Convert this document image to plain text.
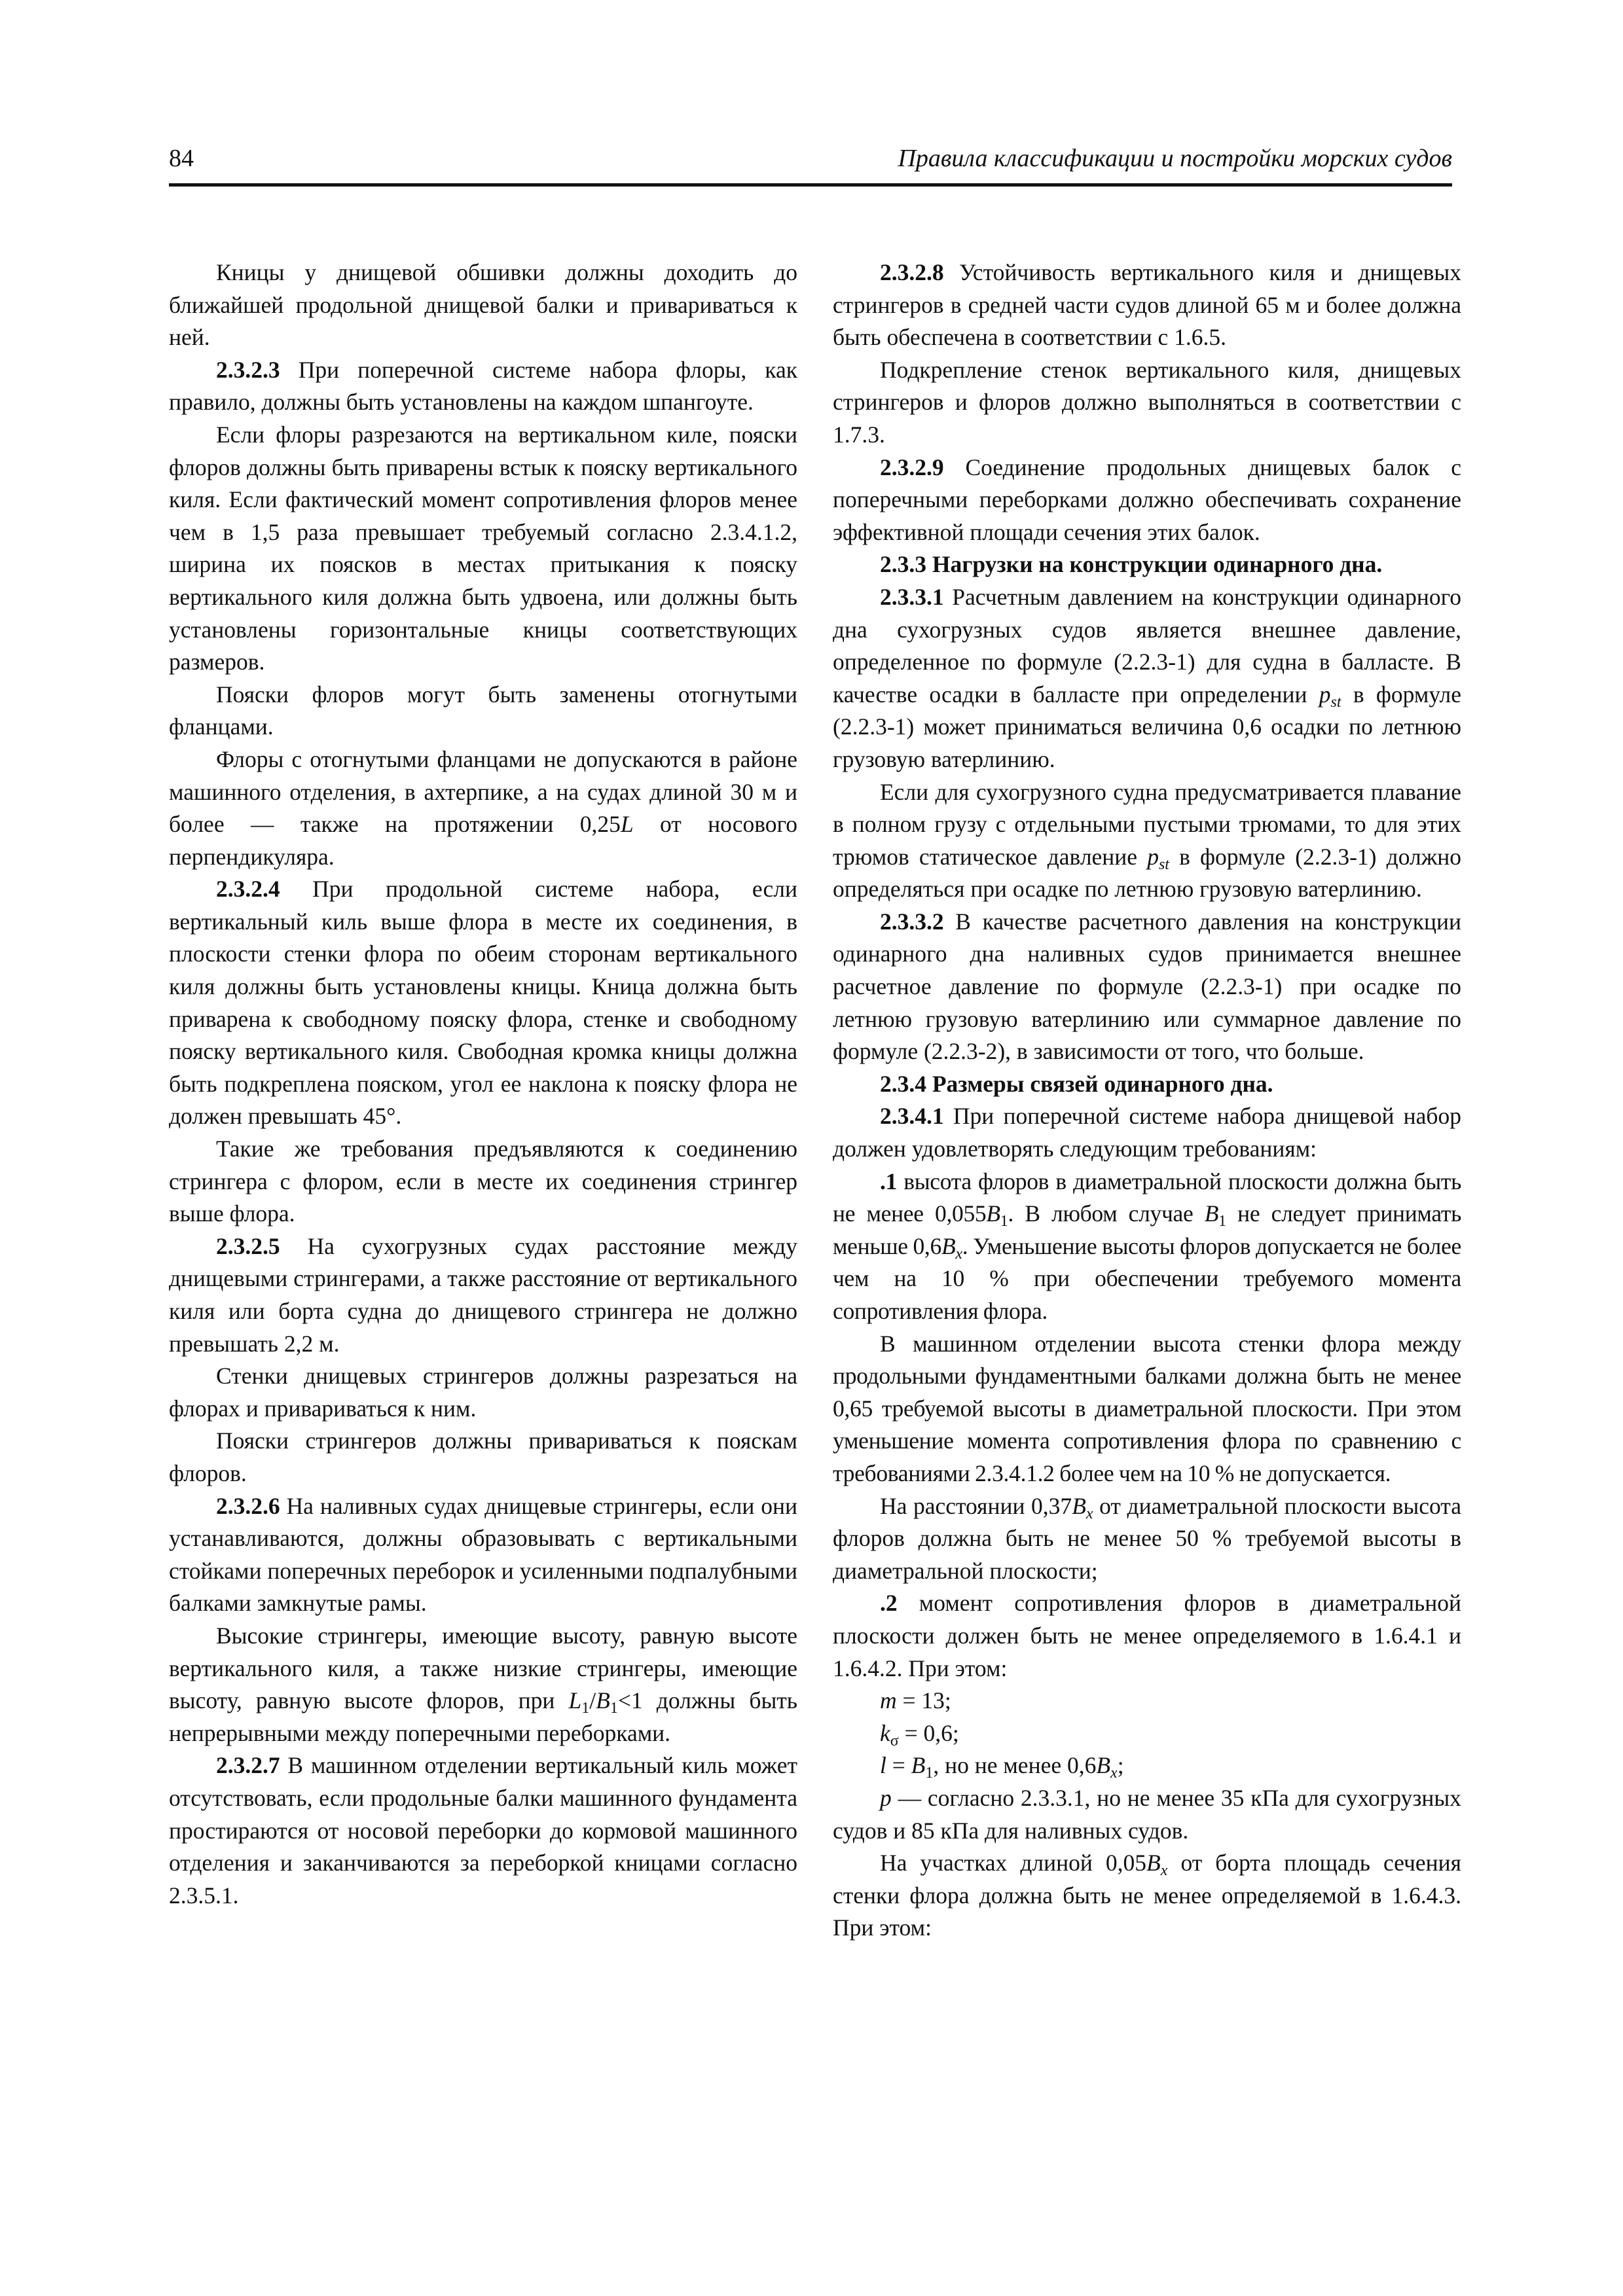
84	Правила классификации и постройки морских судов

Кницы у днищевой обшивки должны доходить до ближайшей продольной днищевой балки и привариваться к ней.

2.3.2.3 При поперечной системе набора флоры, как правило, должны быть установлены на каждом шпангоуте.

Если флоры разрезаются на вертикальном киле, пояски флоров должны быть приварены встык к пояску вертикального киля. Если фактический момент сопротивления флоров менее чем в 1,5 раза превышает требуемый согласно 2.3.4.1.2, ширина их поясков в местах притыкания к пояску вертикального киля должна быть удвоена, или должны быть установлены горизонтальные кницы соответствующих размеров.

Пояски флоров могут быть заменены отогнутыми фланцами.

Флоры с отогнутыми фланцами не допускаются в районе машинного отделения, в ахтерпике, а на судах длиной 30 м и более — также на протяжении 0,25L от носового перпендикуляра.

2.3.2.4 При продольной системе набора, если вертикальный киль выше флора в месте их соединения, в плоскости стенки флора по обеим сторонам вертикального киля должны быть установлены кницы. Кница должна быть приварена к свободному пояску флора, стенке и свободному пояску вертикального киля. Свободная кромка кницы должна быть подкреплена пояском, угол ее наклона к пояску флора не должен превышать 45°.

Такие же требования предъявляются к соединению стрингера с флором, если в месте их соединения стрингер выше флора.

2.3.2.5 На сухогрузных судах расстояние между днищевыми стрингерами, а также расстояние от вертикального киля или борта судна до днищевого стрингера не должно превышать 2,2 м.

Стенки днищевых стрингеров должны разрезаться на флорах и привариваться к ним.

Пояски стрингеров должны привариваться к пояскам флоров.

2.3.2.6 На наливных судах днищевые стрингеры, если они устанавливаются, должны образовывать с вертикальными стойками поперечных переборок и усиленными подпалубными балками замкнутые рамы.

Высокие стрингеры, имеющие высоту, равную высоте вертикального киля, а также низкие стрингеры, имеющие высоту, равную высоте флоров, при $L_1/B_1<1$ должны быть непрерывными между поперечными переборками.

2.3.2.7 В машинном отделении вертикальный киль может отсутствовать, если продольные балки машинного фундамента простираются от носовой переборки до кормовой машинного отделения и заканчиваются за переборкой кницами согласно 2.3.5.1.

2.3.2.8 Устойчивость вертикального киля и днищевых стрингеров в средней части судов длиной 65 м и более должна быть обеспечена в соответствии с 1.6.5.

Подкрепление стенок вертикального киля, днищевых стрингеров и флоров должно выполняться в соответствии с 1.7.3.

2.3.2.9 Соединение продольных днищевых балок с поперечными переборками должно обеспечивать сохранение эффективной площади сечения этих балок.

2.3.3 Нагрузки на конструкции одинарного дна.

2.3.3.1 Расчетным давлением на конструкции одинарного дна сухогрузных судов является внешнее давление, определенное по формуле (2.2.3-1) для судна в балласте. В качестве осадки в балласте при определении $p_{st}$ в формуле (2.2.3-1) может приниматься величина 0,6 осадки по летнюю грузовую ватерлинию.

Если для сухогрузного судна предусматривается плавание в полном грузу с отдельными пустыми трюмами, то для этих трюмов статическое давление $p_{st}$ в формуле (2.2.3-1) должно определяться при осадке по летнюю грузовую ватерлинию.

2.3.3.2 В качестве расчетного давления на конструкции одинарного дна наливных судов принимается внешнее расчетное давление по формуле (2.2.3-1) при осадке по летнюю грузовую ватерлинию или суммарное давление по формуле (2.2.3-2), в зависимости от того, что больше.

2.3.4 Размеры связей одинарного дна.

2.3.4.1 При поперечной системе набора днищевой набор должен удовлетворять следующим требованиям:

.1 высота флоров в диаметральной плоскости должна быть не менее $0,055B_1$. В любом случае $B_1$ не следует принимать меньше $0,6B_x$. Уменьшение высоты флоров допускается не более чем на 10 % при обеспечении требуемого момента сопротивления флора.

В машинном отделении высота стенки флора между продольными фундаментными балками должна быть не менее 0,65 требуемой высоты в диаметральной плоскости. При этом уменьшение момента сопротивления флора по сравнению с требованиями 2.3.4.1.2 более чем на 10 % не допускается.

На расстоянии $0,37B_x$ от диаметральной плоскости высота флоров должна быть не менее 50 % требуемой высоты в диаметральной плоскости;

.2 момент сопротивления флоров в диаметральной плоскости должен быть не менее определяемого в 1.6.4.1 и 1.6.4.2. При этом:

m = 13;

$k_\sigma = 0,6$;

$l = B_1$, но не менее $0,6B_x$;

p — согласно 2.3.3.1, но не менее 35 кПа для сухогрузных судов и 85 кПа для наливных судов.

На участках длиной $0,05B_x$ от борта площадь сечения стенки флора должна быть не менее определяемой в 1.6.4.3. При этом:
